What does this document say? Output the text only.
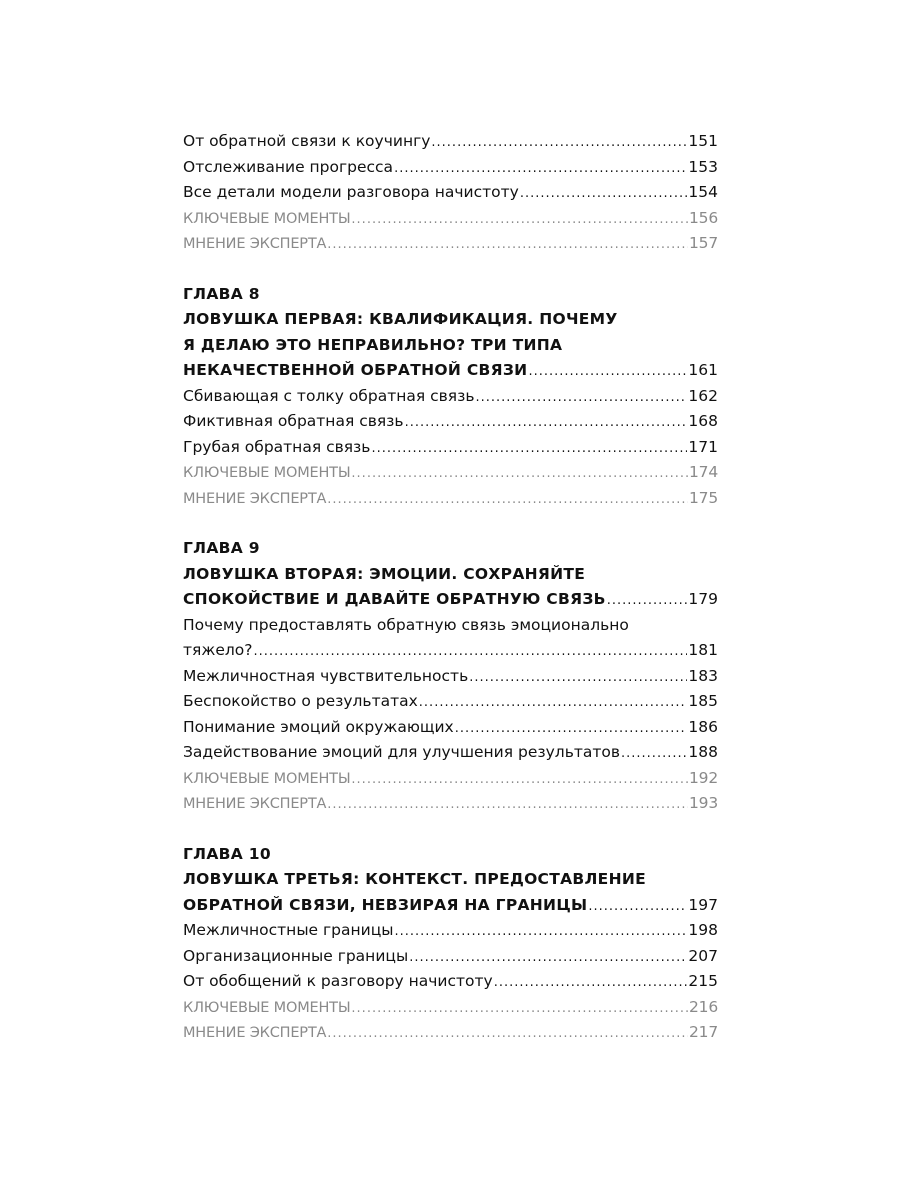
От обратной связи к коучингу .....	151
Отслеживание прогресса .....	153
Все детали модели разговора начистоту .....	154
КЛЮЧЕВЫЕ МОМЕНТЫ .....	156
МНЕНИЕ ЭКСПЕРТА .....	157
ГЛАВА 8
ЛОВУШКА ПЕРВАЯ: КВАЛИФИКАЦИЯ. ПОЧЕМУ
Я ДЕЛАЮ ЭТО НЕПРАВИЛЬНО? ТРИ ТИПА
НЕКАЧЕСТВЕННОЙ ОБРАТНОЙ СВЯЗИ .....	161
Сбивающая с толку обратная связь .....	162
Фиктивная обратная связь .....	168
Грубая обратная связь .....	171
КЛЮЧЕВЫЕ МОМЕНТЫ .....	174
МНЕНИЕ ЭКСПЕРТА .....	175
ГЛАВА 9
ЛОВУШКА ВТОРАЯ: ЭМОЦИИ. СОХРАНЯЙТЕ
СПОКОЙСТВИЕ И ДАВАЙТЕ ОБРАТНУЮ СВЯЗЬ .....	179
Почему предоставлять обратную связь эмоционально
тяжело? .....	181
Межличностная чувствительность .....	183
Беспокойство о результатах .....	185
Понимание эмоций окружающих .....	186
Задействование эмоций для улучшения результатов .....	188
КЛЮЧЕВЫЕ МОМЕНТЫ .....	192
МНЕНИЕ ЭКСПЕРТА .....	193
ГЛАВА 10
ЛОВУШКА ТРЕТЬЯ: КОНТЕКСТ. ПРЕДОСТАВЛЕНИЕ
ОБРАТНОЙ СВЯЗИ, НЕВЗИРАЯ НА ГРАНИЦЫ .....	197
Межличностные границы .....	198
Организационные границы .....	207
От обобщений к разговору начистоту .....	215
КЛЮЧЕВЫЕ МОМЕНТЫ .....	216
МНЕНИЕ ЭКСПЕРТА .....	217
